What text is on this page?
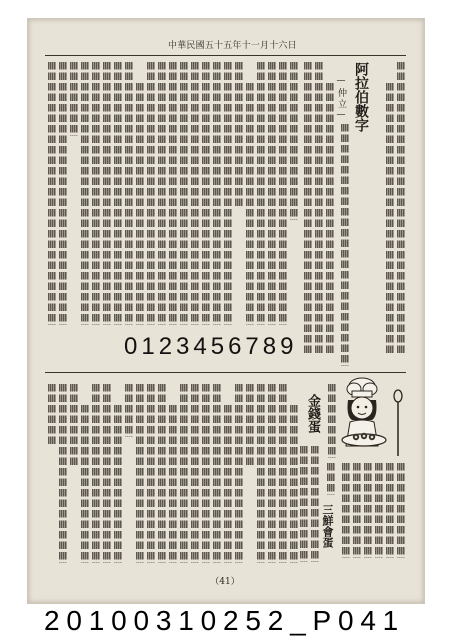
中華民國五十五年十一月十六日
阿拉伯數字
—仲立—
0123456789
金錢蛋
三鮮會蛋
（41）
20100310252_P041
